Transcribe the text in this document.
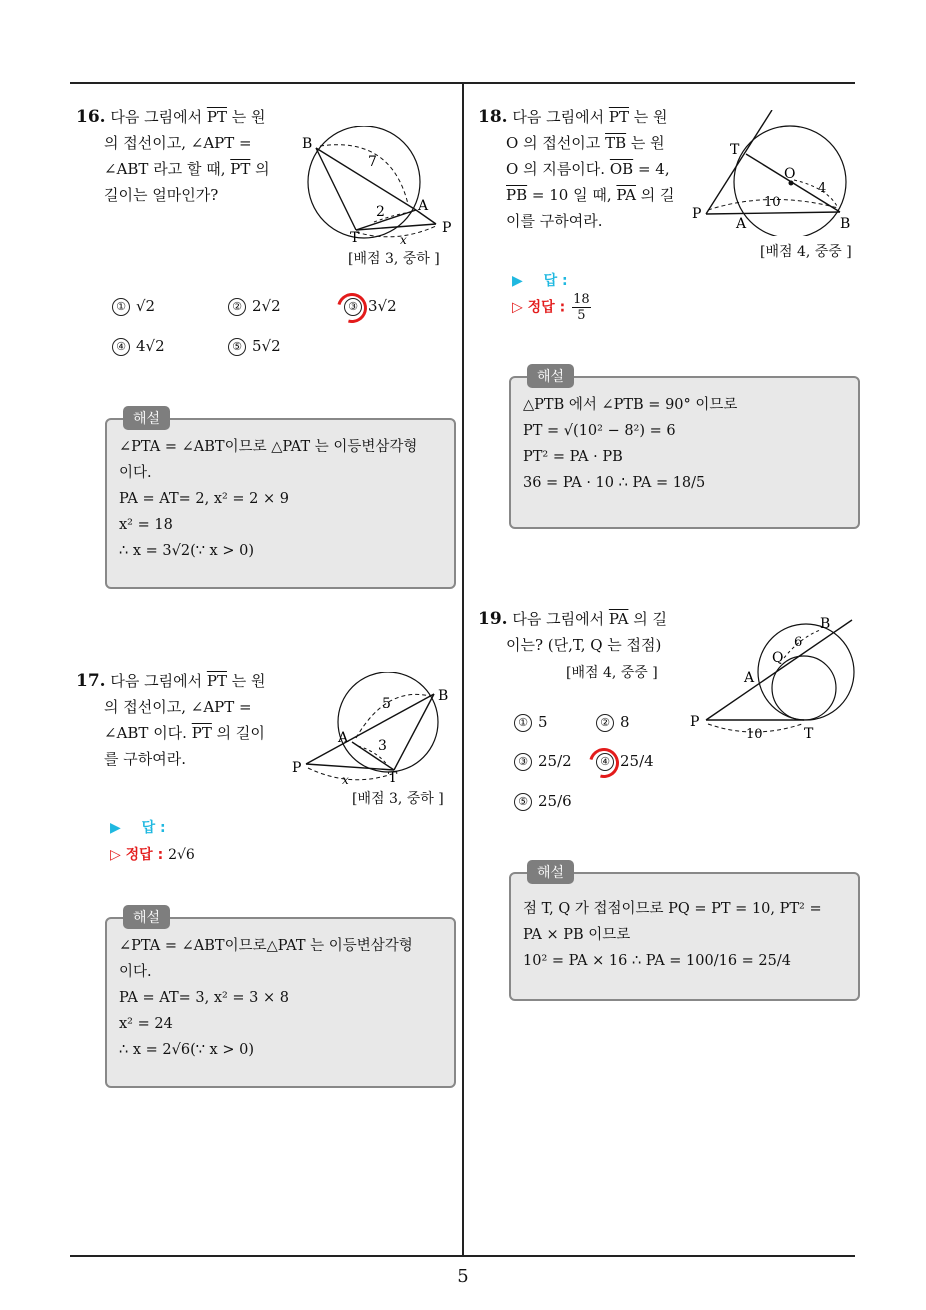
5
16. 다음 그림에서 $\overline{PT}$ 는 원
의 접선이고, ∠APT =
∠ABT 라고 할 때, $\overline{PT}$ 의
길이는 얼마인가?
B
7
2 A
T
P
x
[배점 3, 중하 ]
① √2	② 2√2	③ 3√2
④ 4√2	⑤ 5√2
해설
∠PTA = ∠ABT이므로 △PAT 는 이등변삼각형
이다.
PA = AT= 2, x² = 2 × 9
x² = 18
∴ x = 3√2(∵ x > 0)
17. 다음 그림에서 $\overline{PT}$ 는 원
의 접선이고, ∠APT =
∠ABT 이다. $\overline{PT}$ 의 길이
를 구하여라.
B
5
A 3
P
T
x
[배점 3, 중하 ]
▶ 답 :
▷ 정답 : 2√6
해설
∠PTA = ∠ABT이므로△PAT 는 이등변삼각형
이다.
PA = AT= 3, x² = 3 × 8
x² = 24
∴ x = 2√6(∵ x > 0)
18. 다음 그림에서 $\overline{PT}$ 는 원
O 의 접선이고 $\overline{TB}$ 는 원
O 의 지름이다. $\overline{OB} = 4$,
$\overline{PB} = 10$ 일 때, $\overline{PA}$ 의 길
이를 구하여라.
T
O
4
10
P
A	B
[배점 4, 중중 ]
▶ 답 :
▷ 정답 : $\frac{18}{5}$
해설
△PTB 에서 ∠PTB = 90° 이므로
PT = √(10² − 8²) = 6
PT² = PA · PB
36 = PA · 10 ∴ PA = 18/5
19. 다음 그림에서 $\overline{PA}$ 의 길
이는? (단,T, Q 는 접점)
[배점 4, 중중 ]
B
6
Q
A
P
10	T
① 5	② 8
③ 25/2	④ 25/4
⑤ 25/6
해설
점 T, Q 가 접점이므로 PQ = PT = 10, PT² =
PA × PB 이므로
10² = PA × 16 ∴ PA = 100/16 = 25/4
